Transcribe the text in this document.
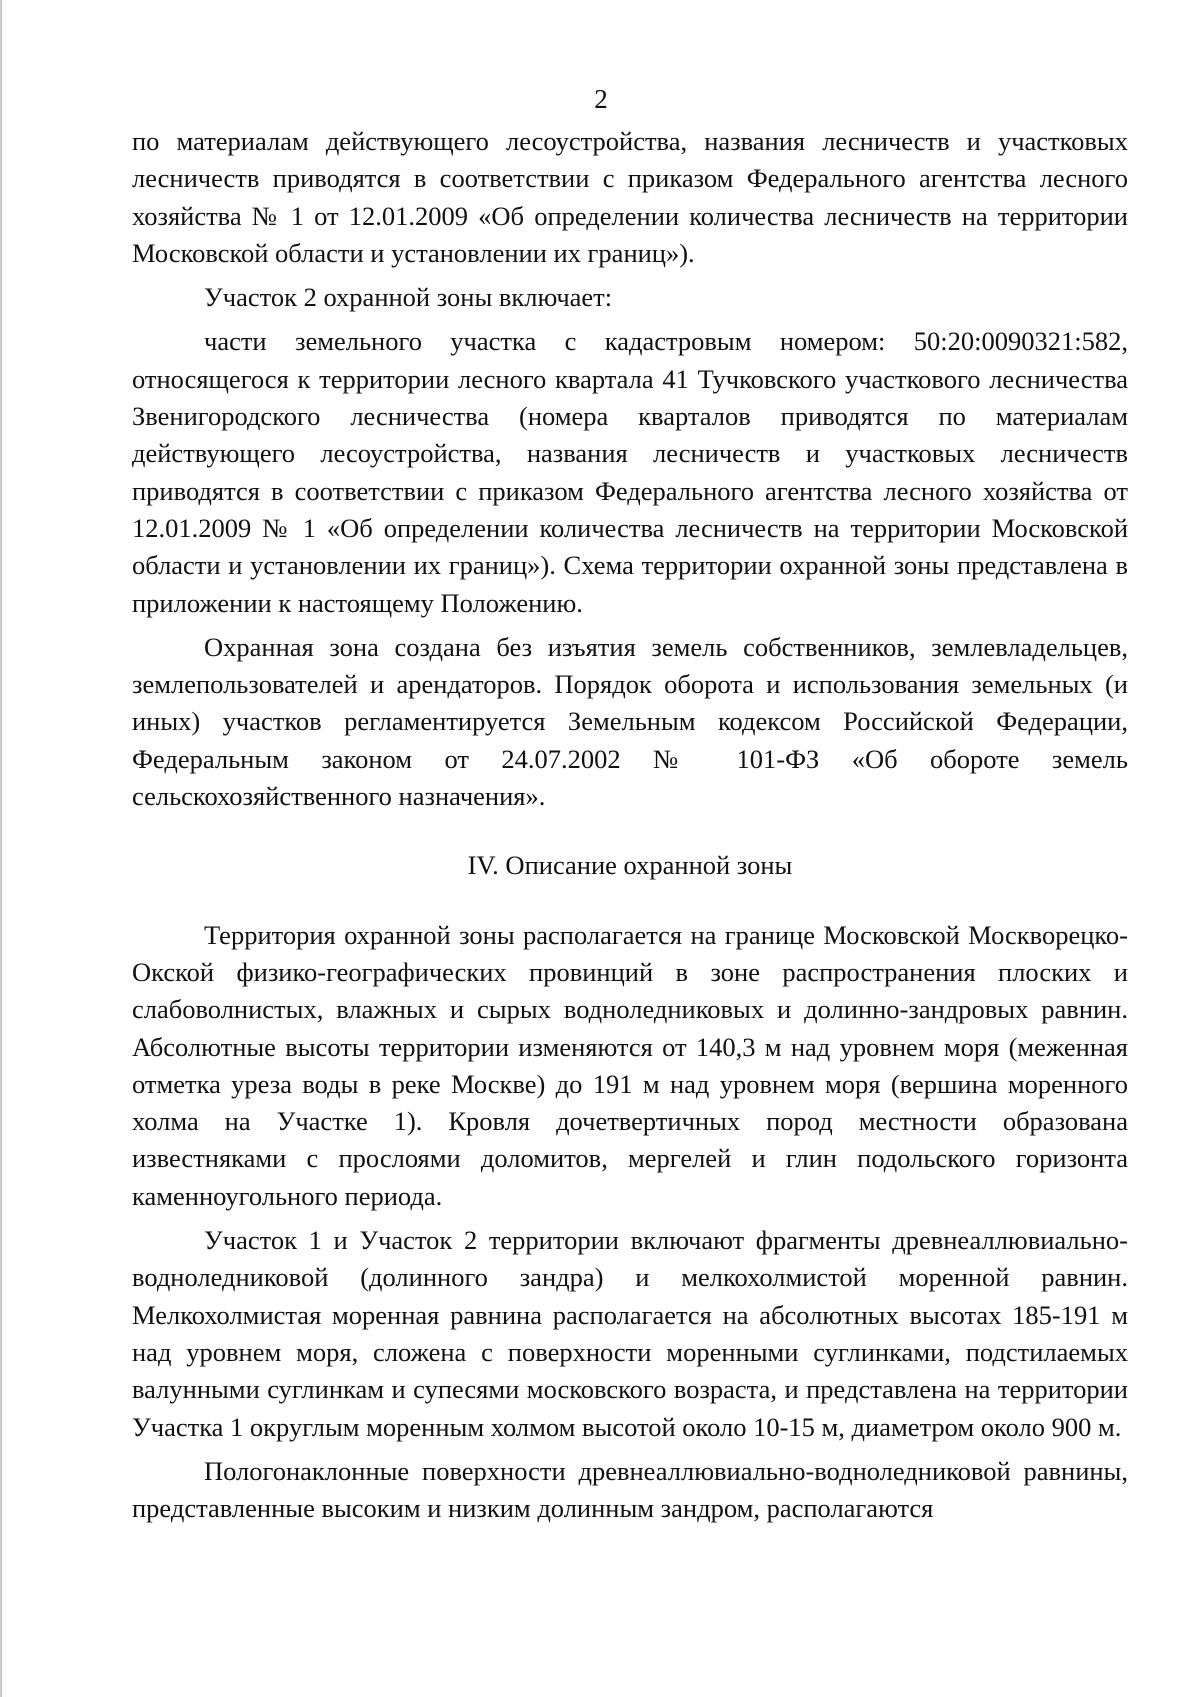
2

по материалам действующего лесоустройства, названия лесничеств и участковых лесничеств приводятся в соответствии с приказом Федерального агентства лесного хозяйства № 1 от 12.01.2009 «Об определении количества лесничеств на территории Московской области и установлении их границ»).

Участок 2 охранной зоны включает:

части земельного участка с кадастровым номером: 50:20:0090321:582, относящегося к территории лесного квартала 41 Тучковского участкового лесничества Звенигородского лесничества (номера кварталов приводятся по материалам действующего лесоустройства, названия лесничеств и участковых лесничеств приводятся в соответствии с приказом Федерального агентства лесного хозяйства от 12.01.2009 № 1 «Об определении количества лесничеств на территории Московской области и установлении их границ»). Схема территории охранной зоны представлена в приложении к настоящему Положению.

Охранная зона создана без изъятия земель собственников, землевладельцев, землепользователей и арендаторов. Порядок оборота и использования земельных (и иных) участков регламентируется Земельным кодексом Российской Федерации, Федеральным законом от 24.07.2002 № 101-ФЗ «Об обороте земель сельскохозяйственного назначения».

IV. Описание охранной зоны

Территория охранной зоны располагается на границе Московской Москворецко-Окской физико-географических провинций в зоне распространения плоских и слабоволнистых, влажных и сырых водноледниковых и долинно-зандровых равнин. Абсолютные высоты территории изменяются от 140,3 м над уровнем моря (меженная отметка уреза воды в реке Москве) до 191 м над уровнем моря (вершина моренного холма на Участке 1). Кровля дочетвертичных пород местности образована известняками с прослоями доломитов, мергелей и глин подольского горизонта каменноугольного периода.

Участок 1 и Участок 2 территории включают фрагменты древнеаллювиально-водноледниковой (долинного зандра) и мелкохолмистой моренной равнин. Мелкохолмистая моренная равнина располагается на абсолютных высотах 185-191 м над уровнем моря, сложена с поверхности моренными суглинками, подстилаемых валунными суглинкам и супесями московского возраста, и представлена на территории Участка 1 округлым моренным холмом высотой около 10-15 м, диаметром около 900 м.

Пологонаклонные поверхности древнеаллювиально-водноледниковой равнины, представленные высоким и низким долинным зандром, располагаются
